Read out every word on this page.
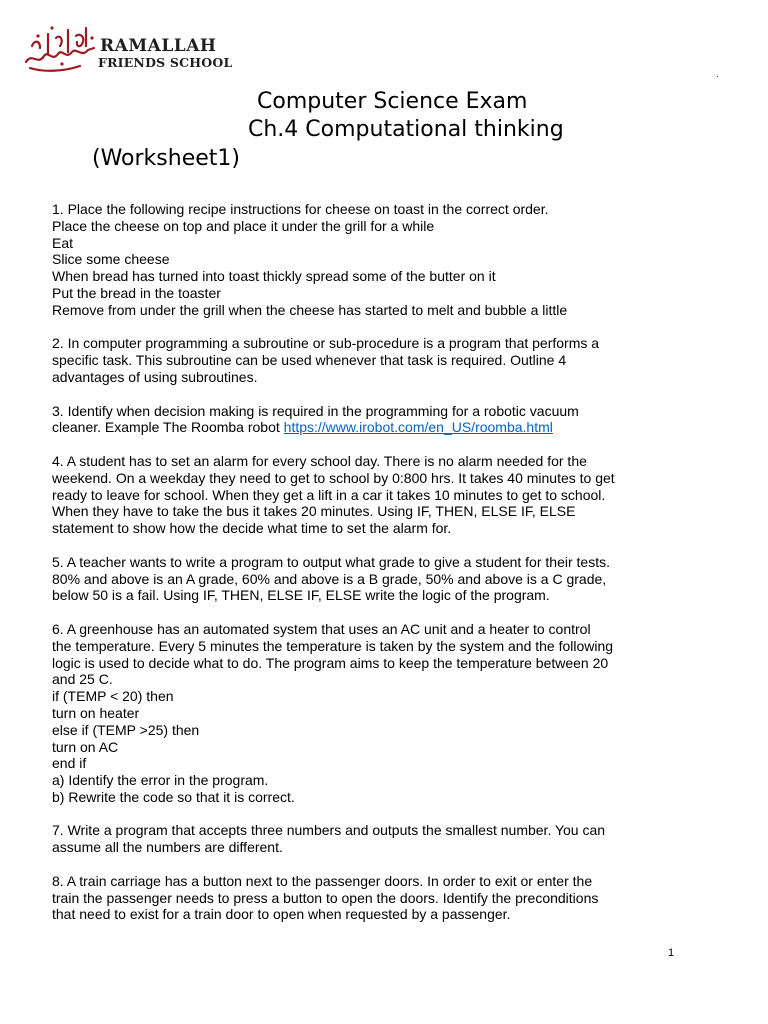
RAMALLAH
FRIENDS SCHOOL
.
Computer Science Exam
Ch.4 Computational thinking
(Worksheet1)
1. Place the following recipe instructions for cheese on toast in the correct order.
Place the cheese on top and place it under the grill for a while
Eat
Slice some cheese
When bread has turned into toast thickly spread some of the butter on it
Put the bread in the toaster
Remove from under the grill when the cheese has started to melt and bubble a little
2. In computer programming a subroutine or sub-procedure is a program that performs a
specific task. This subroutine can be used whenever that task is required. Outline 4
advantages of using subroutines.
3. Identify when decision making is required in the programming for a robotic vacuum
cleaner. Example The Roomba robot https://www.irobot.com/en_US/roomba.html
4. A student has to set an alarm for every school day. There is no alarm needed for the
weekend. On a weekday they need to get to school by 0:800 hrs. It takes 40 minutes to get
ready to leave for school. When they get a lift in a car it takes 10 minutes to get to school.
When they have to take the bus it takes 20 minutes. Using IF, THEN, ELSE IF, ELSE
statement to show how the decide what time to set the alarm for.
5. A teacher wants to write a program to output what grade to give a student for their tests.
80% and above is an A grade, 60% and above is a B grade, 50% and above is a C grade,
below 50 is a fail. Using IF, THEN, ELSE IF, ELSE write the logic of the program.
6. A greenhouse has an automated system that uses an AC unit and a heater to control
the temperature. Every 5 minutes the temperature is taken by the system and the following
logic is used to decide what to do. The program aims to keep the temperature between 20
and 25 C.
if (TEMP < 20) then
turn on heater
else if (TEMP >25) then
turn on AC
end if
a) Identify the error in the program.
b) Rewrite the code so that it is correct.
7. Write a program that accepts three numbers and outputs the smallest number. You can
assume all the numbers are different.
8. A train carriage has a button next to the passenger doors. In order to exit or enter the
train the passenger needs to press a button to open the doors. Identify the preconditions
that need to exist for a train door to open when requested by a passenger.
1
